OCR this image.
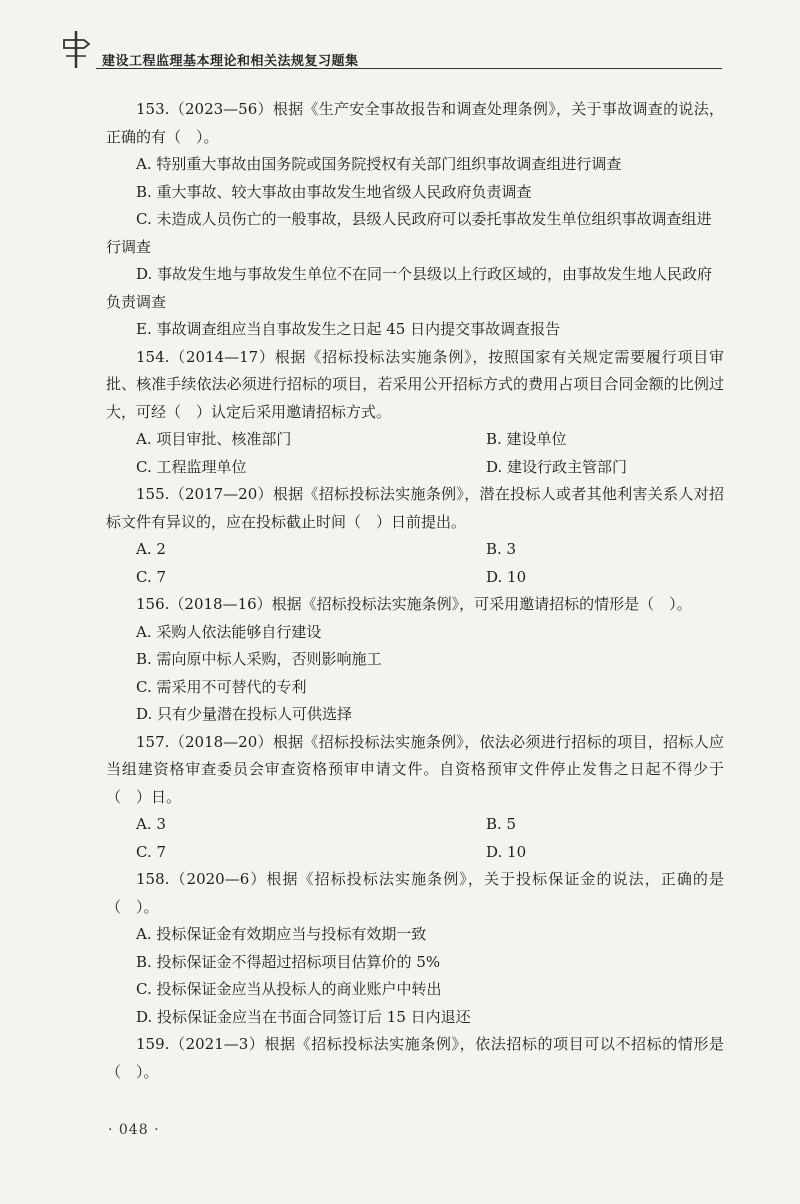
建设工程监理基本理论和相关法规复习题集

153.（2023—56）根据《生产安全事故报告和调查处理条例》，关于事故调查的说法，正确的有（　）。

A. 特别重大事故由国务院或国务院授权有关部门组织事故调查组进行调查

B. 重大事故、较大事故由事故发生地省级人民政府负责调查

C. 未造成人员伤亡的一般事故，县级人民政府可以委托事故发生单位组织事故调查组进行调查

D. 事故发生地与事故发生单位不在同一个县级以上行政区域的，由事故发生地人民政府负责调查

E. 事故调查组应当自事故发生之日起 45 日内提交事故调查报告

154.（2014—17）根据《招标投标法实施条例》，按照国家有关规定需要履行项目审批、核准手续依法必须进行招标的项目，若采用公开招标方式的费用占项目合同金额的比例过大，可经（　）认定后采用邀请招标方式。

A. 项目审批、核准部门	B. 建设单位
C. 工程监理单位	D. 建设行政主管部门

155.（2017—20）根据《招标投标法实施条例》，潜在投标人或者其他利害关系人对招标文件有异议的，应在投标截止时间（　）日前提出。

A. 2	B. 3
C. 7	D. 10

156.（2018—16）根据《招标投标法实施条例》，可采用邀请招标的情形是（　）。

A. 采购人依法能够自行建设

B. 需向原中标人采购，否则影响施工

C. 需采用不可替代的专利

D. 只有少量潜在投标人可供选择

157.（2018—20）根据《招标投标法实施条例》，依法必须进行招标的项目，招标人应当组建资格审查委员会审查资格预审申请文件。自资格预审文件停止发售之日起不得少于（　）日。

A. 3	B. 5
C. 7	D. 10

158.（2020—6）根据《招标投标法实施条例》，关于投标保证金的说法，正确的是（　）。

A. 投标保证金有效期应当与投标有效期一致

B. 投标保证金不得超过招标项目估算价的 5%

C. 投标保证金应当从投标人的商业账户中转出

D. 投标保证金应当在书面合同签订后 15 日内退还

159.（2021—3）根据《招标投标法实施条例》，依法招标的项目可以不招标的情形是（　）。

· 048 ·
